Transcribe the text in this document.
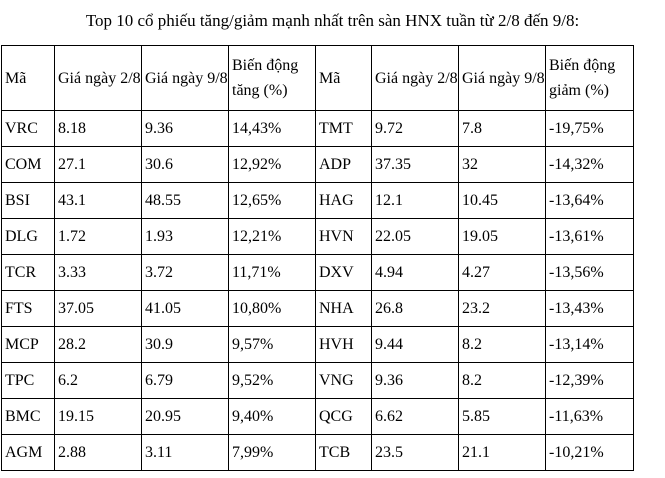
Top 10 cổ phiếu tăng/giảm mạnh nhất trên sàn HNX tuần từ 2/8 đến 9/8:
Mã	Giá ngày 2/8	Giá ngày 9/8	Biến động tăng (%)	Mã	Giá ngày 2/8	Giá ngày 9/8	Biến động giảm (%)
VRC	8.18	9.36	14,43%	TMT	9.72	7.8	-19,75%
COM	27.1	30.6	12,92%	ADP	37.35	32	-14,32%
BSI	43.1	48.55	12,65%	HAG	12.1	10.45	-13,64%
DLG	1.72	1.93	12,21%	HVN	22.05	19.05	-13,61%
TCR	3.33	3.72	11,71%	DXV	4.94	4.27	-13,56%
FTS	37.05	41.05	10,80%	NHA	26.8	23.2	-13,43%
MCP	28.2	30.9	9,57%	HVH	9.44	8.2	-13,14%
TPC	6.2	6.79	9,52%	VNG	9.36	8.2	-12,39%
BMC	19.15	20.95	9,40%	QCG	6.62	5.85	-11,63%
AGM	2.88	3.11	7,99%	TCB	23.5	21.1	-10,21%
